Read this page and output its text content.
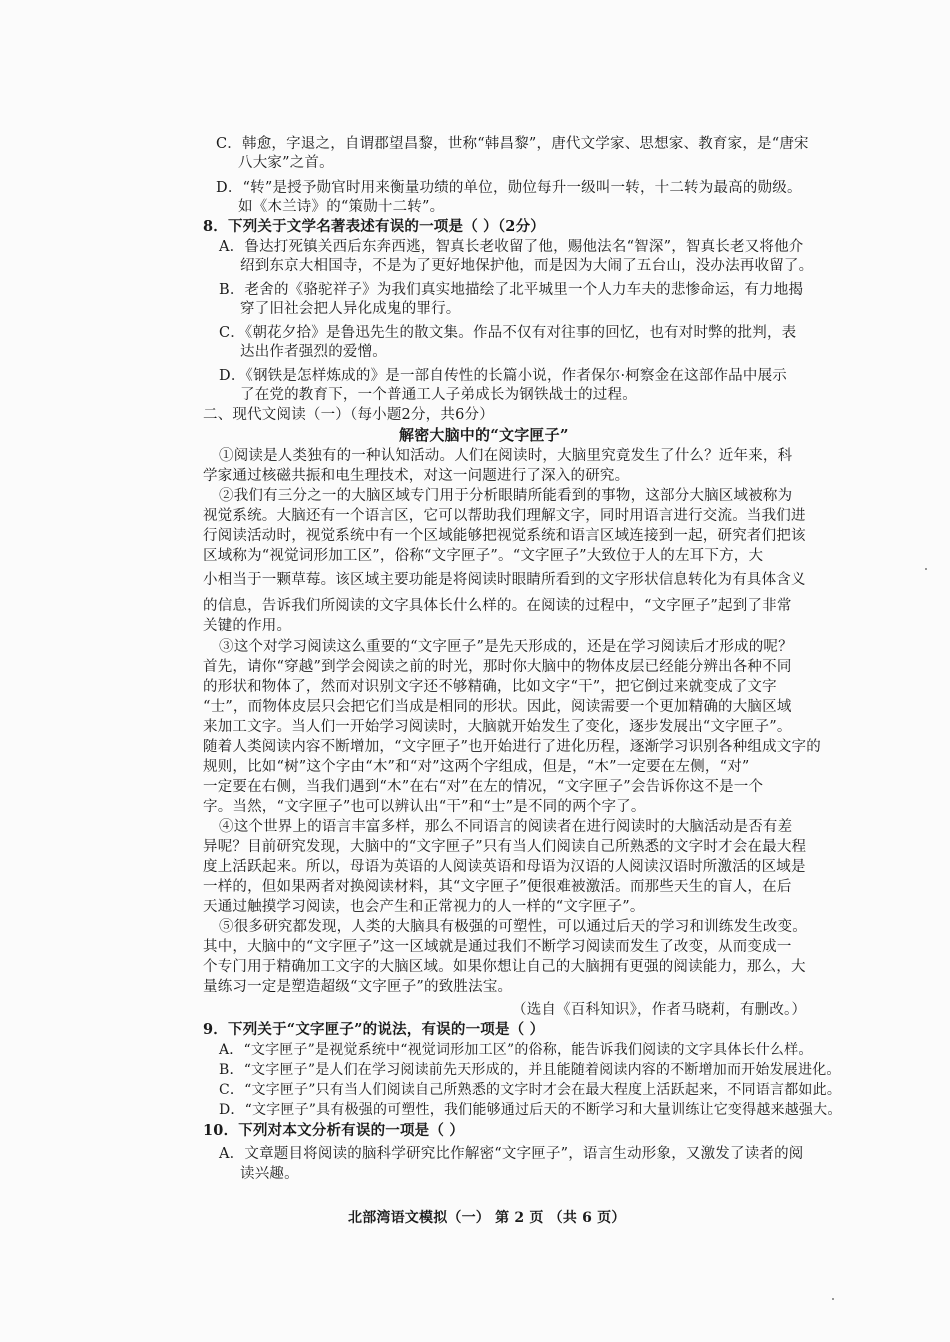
C．韩愈，字退之，自谓郡望昌黎，世称“韩昌黎”，唐代文学家、思想家、教育家，是“唐宋
八大家”之首。
D．“转”是授予勋官时用来衡量功绩的单位，勋位每升一级叫一转，十二转为最高的勋级。
如《木兰诗》的“策勋十二转”。
8．下列关于文学名著表述有误的一项是（ ）（2分）
A．鲁达打死镇关西后东奔西逃，智真长老收留了他，赐他法名“智深”，智真长老又将他介
绍到东京大相国寺，不是为了更好地保护他，而是因为大闹了五台山，没办法再收留了。
B．老舍的《骆驼祥子》为我们真实地描绘了北平城里一个人力车夫的悲惨命运，有力地揭
穿了旧社会把人异化成鬼的罪行。
C．《朝花夕拾》是鲁迅先生的散文集。作品不仅有对往事的回忆，也有对时弊的批判，表
达出作者强烈的爱憎。
D．《钢铁是怎样炼成的》是一部自传性的长篇小说，作者保尔·柯察金在这部作品中展示
了在党的教育下，一个普通工人子弟成长为钢铁战士的过程。
二、现代文阅读（一）（每小题2分，共6分）
解密大脑中的“文字匣子”
①阅读是人类独有的一种认知活动。人们在阅读时，大脑里究竟发生了什么？近年来，科
学家通过核磁共振和电生理技术，对这一问题进行了深入的研究。
②我们有三分之一的大脑区域专门用于分析眼睛所能看到的事物，这部分大脑区域被称为
视觉系统。大脑还有一个语言区，它可以帮助我们理解文字，同时用语言进行交流。当我们进
行阅读活动时，视觉系统中有一个区域能够把视觉系统和语言区域连接到一起，研究者们把该
区域称为“视觉词形加工区”，俗称“文字匣子”。“文字匣子”大致位于人的左耳下方，大
小相当于一颗草莓。该区域主要功能是将阅读时眼睛所看到的文字形状信息转化为有具体含义
的信息，告诉我们所阅读的文字具体长什么样的。在阅读的过程中，“文字匣子”起到了非常
关键的作用。
③这个对学习阅读这么重要的“文字匣子”是先天形成的，还是在学习阅读后才形成的呢？
首先，请你“穿越”到学会阅读之前的时光，那时你大脑中的物体皮层已经能分辨出各种不同
的形状和物体了，然而对识别文字还不够精确，比如文字“干”，把它倒过来就变成了文字
“士”，而物体皮层只会把它们当成是相同的形状。因此，阅读需要一个更加精确的大脑区域
来加工文字。当人们一开始学习阅读时，大脑就开始发生了变化，逐步发展出“文字匣子”。
随着人类阅读内容不断增加，“文字匣子”也开始进行了进化历程，逐渐学习识别各种组成文字的
规则，比如“树”这个字由“木”和“对”这两个字组成，但是，“木”一定要在左侧，“对”
一定要在右侧，当我们遇到“木”在右“对”在左的情况，“文字匣子”会告诉你这不是一个
字。当然，“文字匣子”也可以辨认出“干”和“士”是不同的两个字了。
④这个世界上的语言丰富多样，那么不同语言的阅读者在进行阅读时的大脑活动是否有差
异呢？目前研究发现，大脑中的“文字匣子”只有当人们阅读自己所熟悉的文字时才会在最大程
度上活跃起来。所以，母语为英语的人阅读英语和母语为汉语的人阅读汉语时所激活的区域是
一样的，但如果两者对换阅读材料，其“文字匣子”便很难被激活。而那些天生的盲人，在后
天通过触摸学习阅读，也会产生和正常视力的人一样的“文字匣子”。
⑤很多研究都发现，人类的大脑具有极强的可塑性，可以通过后天的学习和训练发生改变。
其中，大脑中的“文字匣子”这一区域就是通过我们不断学习阅读而发生了改变，从而变成一
个专门用于精确加工文字的大脑区域。如果你想让自己的大脑拥有更强的阅读能力，那么，大
量练习一定是塑造超级“文字匣子”的致胜法宝。
（选自《百科知识》，作者马晓莉，有删改。）
9．下列关于“文字匣子”的说法，有误的一项是（ ）
A．“文字匣子”是视觉系统中“视觉词形加工区”的俗称，能告诉我们阅读的文字具体长什么样。
B．“文字匣子”是人们在学习阅读前先天形成的，并且能随着阅读内容的不断增加而开始发展进化。
C．“文字匣子”只有当人们阅读自己所熟悉的文字时才会在最大程度上活跃起来，不同语言都如此。
D．“文字匣子”具有极强的可塑性，我们能够通过后天的不断学习和大量训练让它变得越来越强大。
10．下列对本文分析有误的一项是（ ）
A．文章题目将阅读的脑科学研究比作解密“文字匣子”，语言生动形象，又激发了读者的阅
读兴趣。
北部湾语文模拟（一） 第 2 页 （共 6 页）
